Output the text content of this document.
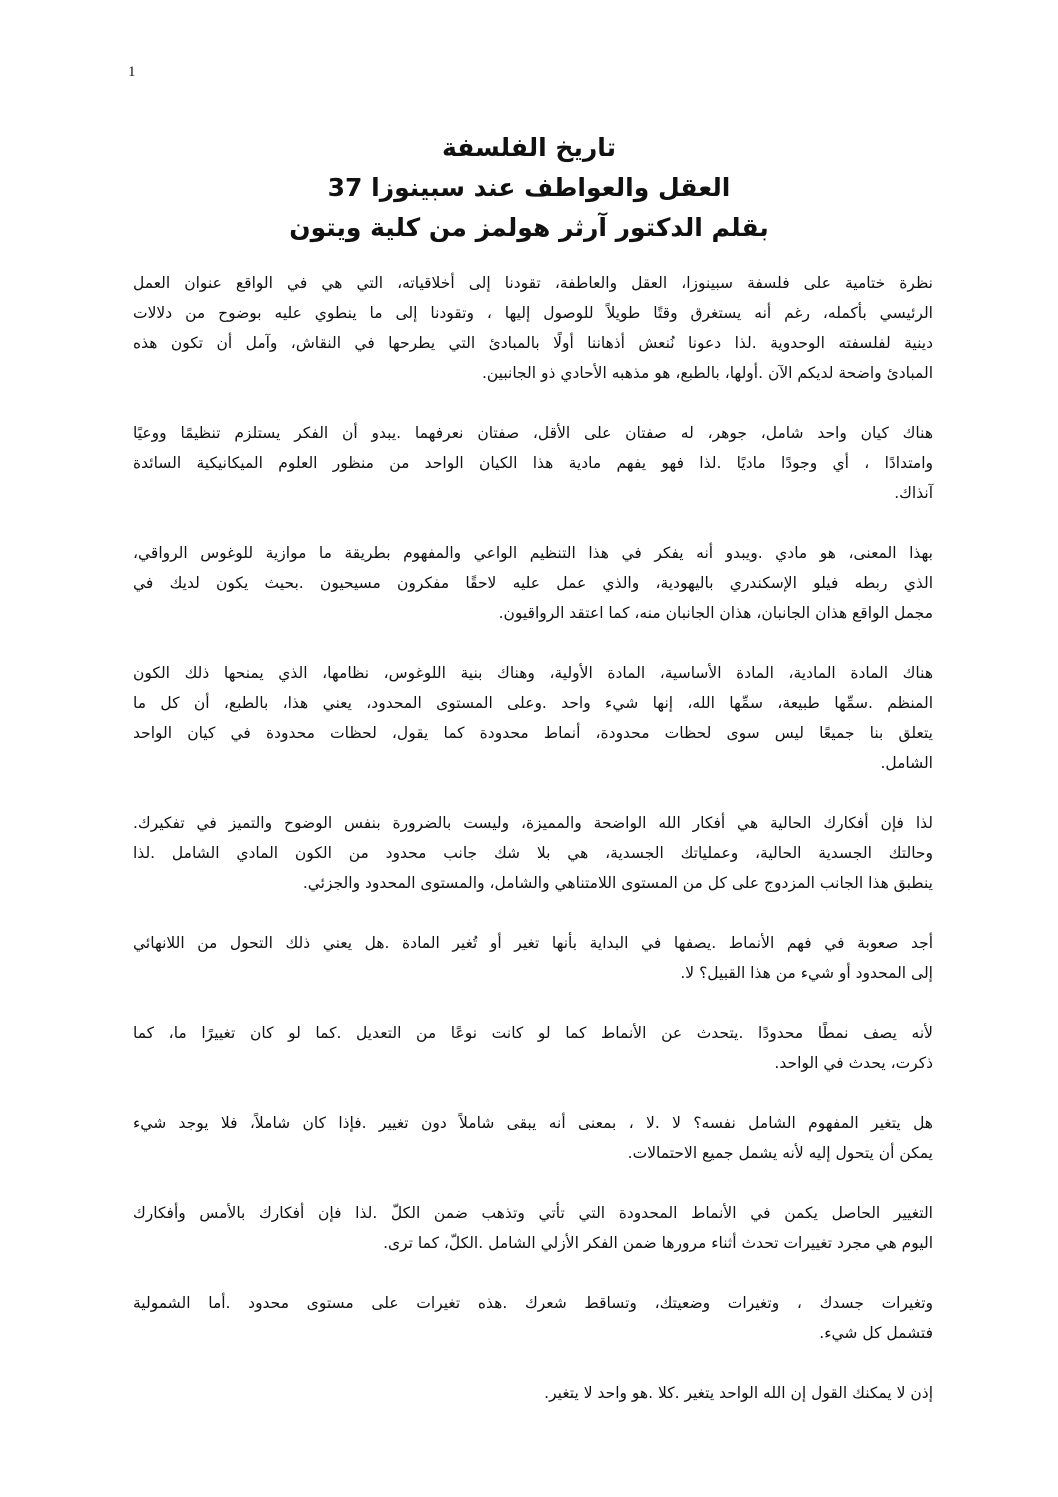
1
تاريخ الفلسفة
العقل والعواطف عند سبينوزا 37
بقلم الدكتور آرثر هولمز من كلية ويتون
نظرة ختامية على فلسفة سبينوزا، العقل والعاطفة، تقودنا إلى أخلاقياته، التي هي في الواقع عنوان العمل
الرئيسي بأكمله، رغم أنه يستغرق وقتًا طويلاً للوصول إليها ، وتقودنا إلى ما ينطوي عليه بوضوح من دلالات
دينية لفلسفته الوحدوية .لذا دعونا نُنعش أذهاننا أولًا بالمبادئ التي يطرحها في النقاش، وآمل أن تكون هذه
المبادئ واضحة لديكم الآن .أولها، بالطبع، هو مذهبه الأحادي ذو الجانبين.
هناك كيان واحد شامل، جوهر، له صفتان على الأقل، صفتان نعرفهما .يبدو أن الفكر يستلزم تنظيمًا ووعيًا
وامتدادًا ، أي وجودًا ماديًا .لذا فهو يفهم مادية هذا الكيان الواحد من منظور العلوم الميكانيكية السائدة
آنذاك.
بهذا المعنى، هو مادي .ويبدو أنه يفكر في هذا التنظيم الواعي والمفهوم بطريقة ما موازية للوغوس الرواقي،
الذي ربطه فيلو الإسكندري باليهودية، والذي عمل عليه لاحقًا مفكرون مسيحيون .بحيث يكون لديك في
مجمل الواقع هذان الجانبان، هذان الجانبان منه، كما اعتقد الرواقيون.
هناك المادة المادية، المادة الأساسية، المادة الأولية، وهناك بنية اللوغوس، نظامها، الذي يمنحها ذلك الكون
المنظم .سمِّها طبيعة، سمِّها الله، إنها شيء واحد .وعلى المستوى المحدود، يعني هذا، بالطبع، أن كل ما
يتعلق بنا جميعًا ليس سوى لحظات محدودة، أنماط محدودة كما يقول، لحظات محدودة في كيان الواحد
الشامل.
لذا فإن أفكارك الحالية هي أفكار الله الواضحة والمميزة، وليست بالضرورة بنفس الوضوح والتميز في تفكيرك.
وحالتك الجسدية الحالية، وعملياتك الجسدية، هي بلا شك جانب محدود من الكون المادي الشامل .لذا
ينطبق هذا الجانب المزدوج على كل من المستوى اللامتناهي والشامل، والمستوى المحدود والجزئي.
أجد صعوبة في فهم الأنماط .يصفها في البداية بأنها تغير أو تُغير المادة .هل يعني ذلك التحول من اللانهائي
إلى المحدود أو شيء من هذا القبيل؟ لا.
لأنه يصف نمطًا محدودًا .يتحدث عن الأنماط كما لو كانت نوعًا من التعديل .كما لو كان تغييرًا ما، كما
ذكرت، يحدث في الواحد.
هل يتغير المفهوم الشامل نفسه؟ لا .لا ، بمعنى أنه يبقى شاملاً دون تغيير .فإذا كان شاملاً، فلا يوجد شيء
يمكن أن يتحول إليه لأنه يشمل جميع الاحتمالات.
التغيير الحاصل يكمن في الأنماط المحدودة التي تأتي وتذهب ضمن الكلّ .لذا فإن أفكارك بالأمس وأفكارك
اليوم هي مجرد تغييرات تحدث أثناء مرورها ضمن الفكر الأزلي الشامل .الكلّ، كما ترى.
وتغيرات جسدك ، وتغيرات وضعيتك، وتساقط شعرك .هذه تغيرات على مستوى محدود .أما الشمولية
فتشمل كل شيء.
إذن لا يمكنك القول إن الله الواحد يتغير .كلا .هو واحد لا يتغير.
